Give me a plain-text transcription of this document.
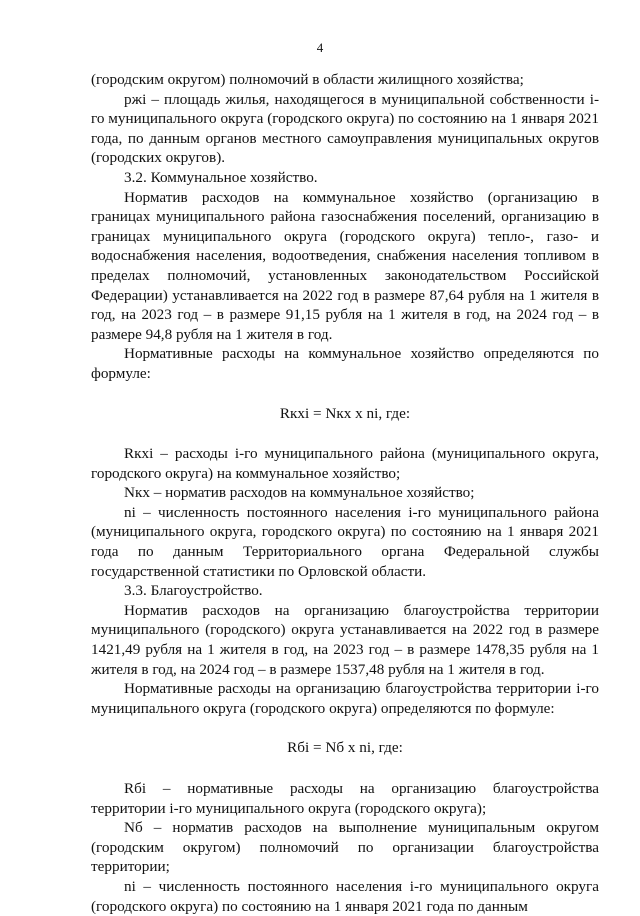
4

(городским округом) полномочий в области жилищного хозяйства;

ржі – площадь жилья, находящегося в муниципальной собственности і-го муниципального округа (городского округа) по состоянию на 1 января 2021 года, по данным органов местного самоуправления муниципальных округов (городских округов).

3.2. Коммунальное хозяйство.

Норматив расходов на коммунальное хозяйство (организацию в границах муниципального района газоснабжения поселений, организацию в границах муниципального округа (городского округа) тепло-, газо- и водоснабжения населения, водоотведения, снабжения населения топливом в пределах полномочий, установленных законодательством Российской Федерации) устанавливается на 2022 год в размере 87,64 рубля на 1 жителя в год, на 2023 год – в размере 91,15 рубля на 1 жителя в год, на 2024 год – в размере 94,8 рубля на 1 жителя в год.

Нормативные расходы на коммунальное хозяйство определяются по формуле:

Rкхі = Nкх x nі, где:

Rкхі – расходы і-го муниципального района (муниципального округа, городского округа) на коммунальное хозяйство;

Nкх – норматив расходов на коммунальное хозяйство;

nі – численность постоянного населения і-го муниципального района (муниципального округа, городского округа) по состоянию на 1 января 2021 года по данным Территориального органа Федеральной службы государственной статистики по Орловской области.

3.3. Благоустройство.

Норматив расходов на организацию благоустройства территории муниципального (городского) округа устанавливается на 2022 год в размере 1421,49 рубля на 1 жителя в год, на 2023 год – в размере 1478,35 рубля на 1 жителя в год, на 2024 год – в размере 1537,48 рубля на 1 жителя в год.

Нормативные расходы на организацию благоустройства территории і-го муниципального округа (городского округа) определяются по формуле:

Rбі = Nб x nі, где:

Rбі – нормативные расходы на организацию благоустройства территории і-го муниципального округа (городского округа);

Nб – норматив расходов на выполнение муниципальным округом (городским округом) полномочий по организации благоустройства территории;

nі – численность постоянного населения і-го муниципального округа (городского округа) по состоянию на 1 января 2021 года по данным
